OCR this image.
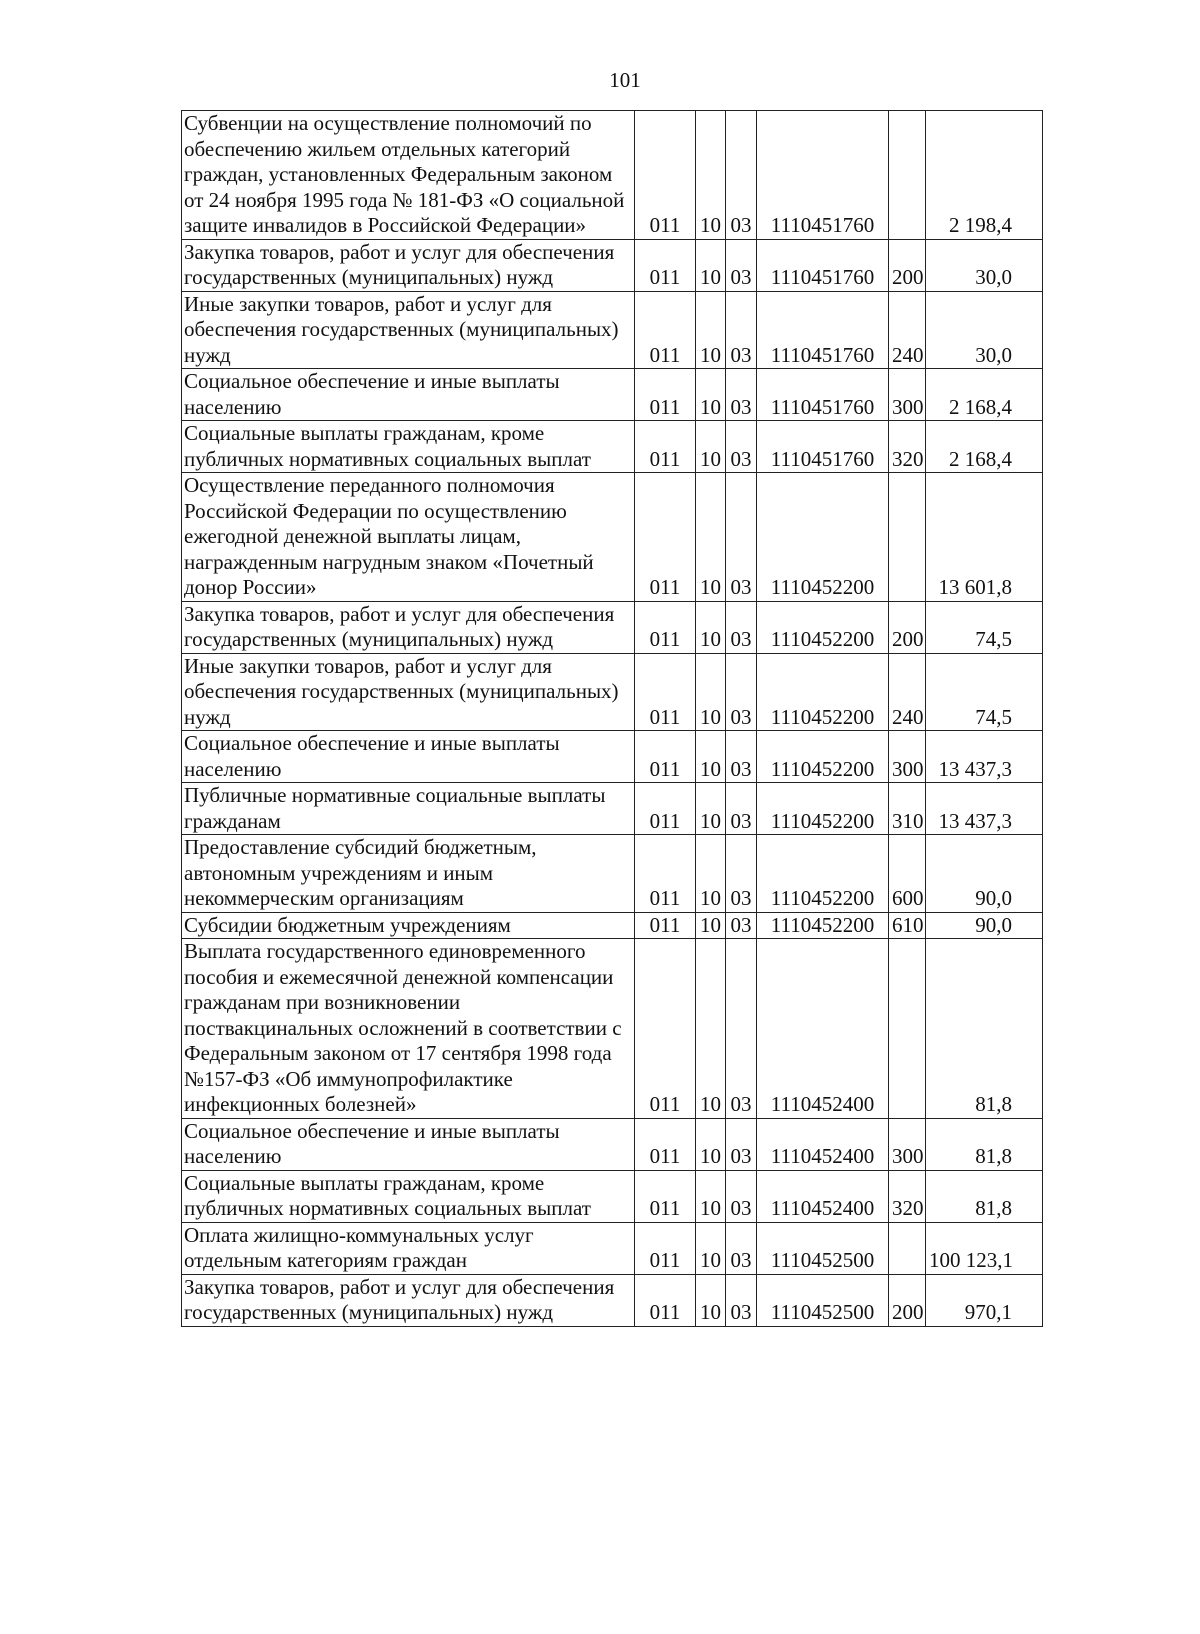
101
Субвенции на осуществление полномочий по обеспечению жильем отдельных категорий граждан, установленных Федеральным законом от 24 ноября 1995 года № 181-ФЗ «О социальной защите инвалидов в Российской Федерации»	011	10	03	1110451760		2 198,4
Закупка товаров, работ и услуг для обеспечения государственных (муниципальных) нужд	011	10	03	1110451760	200	30,0
Иные закупки товаров, работ и услуг для обеспечения государственных (муниципальных) нужд	011	10	03	1110451760	240	30,0
Социальное обеспечение и иные выплаты населению	011	10	03	1110451760	300	2 168,4
Социальные выплаты гражданам, кроме публичных нормативных социальных выплат	011	10	03	1110451760	320	2 168,4
Осуществление переданного полномочия Российской Федерации по осуществлению ежегодной денежной выплаты лицам, награжденным нагрудным знаком «Почетный донор России»	011	10	03	1110452200		13 601,8
Закупка товаров, работ и услуг для обеспечения государственных (муниципальных) нужд	011	10	03	1110452200	200	74,5
Иные закупки товаров, работ и услуг для обеспечения государственных (муниципальных) нужд	011	10	03	1110452200	240	74,5
Социальное обеспечение и иные выплаты населению	011	10	03	1110452200	300	13 437,3
Публичные нормативные социальные выплаты гражданам	011	10	03	1110452200	310	13 437,3
Предоставление субсидий бюджетным, автономным учреждениям и иным некоммерческим организациям	011	10	03	1110452200	600	90,0
Субсидии бюджетным учреждениям	011	10	03	1110452200	610	90,0
Выплата государственного единовременного пособия и ежемесячной денежной компенсации гражданам при возникновении поствакцинальных осложнений в соответствии с Федеральным законом от 17 сентября 1998 года №157-ФЗ «Об иммунопрофилактике инфекционных болезней»	011	10	03	1110452400		81,8
Социальное обеспечение и иные выплаты населению	011	10	03	1110452400	300	81,8
Социальные выплаты гражданам, кроме публичных нормативных социальных выплат	011	10	03	1110452400	320	81,8
Оплата жилищно-коммунальных услуг отдельным категориям граждан	011	10	03	1110452500		100 123,1
Закупка товаров, работ и услуг для обеспечения государственных (муниципальных) нужд	011	10	03	1110452500	200	970,1
